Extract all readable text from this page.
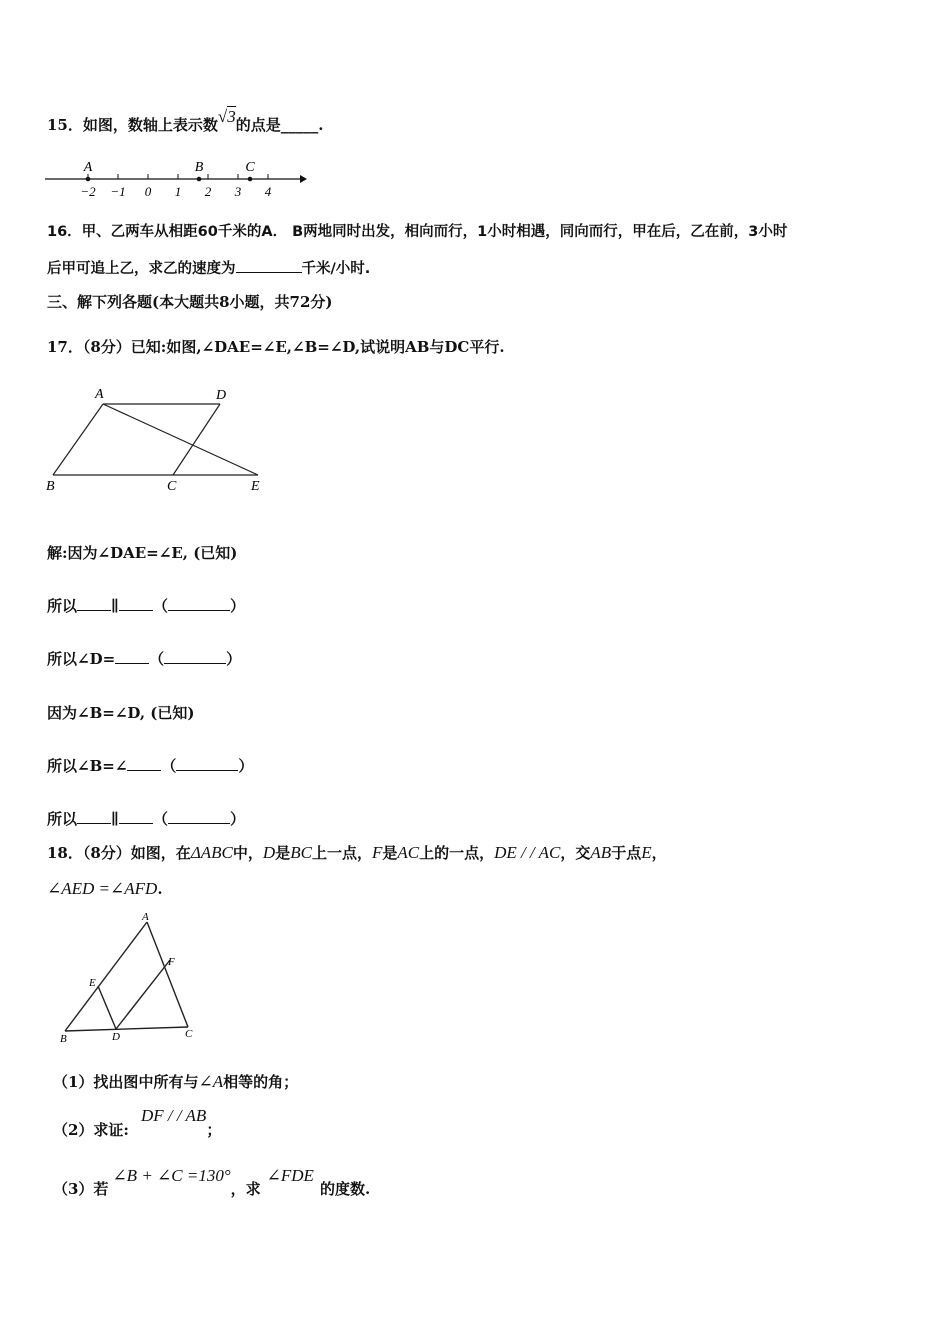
15．如图，数轴上表示数√3的点是_____.
−2 −1 0 1 2 3 4
A	B	C
16．甲、乙两车从相距60千米的A． B两地同时出发，相向而行，1小时相遇，同向而行，甲在后，乙在前，3小时
后甲可追上乙，求乙的速度为	千米/小时.
三、解下列各题(本大题共8小题，共72分)
17．（8分）已知:如图,∠DAE=∠E,∠B=∠D,试说明AB与DC平行.
A	D
B	C	E
解:因为∠DAE=∠E, (已知)
所以 ∥ （	）
所以∠D= （	）
因为∠B=∠D, (已知)
所以∠B=∠ （	）
所以 ∥ （	）
18．（8分）如图，在ΔABC中，D是BC上一点，F是AC上的一点，DE / / AC，交AB于点E，
∠AED =∠AFD.
A
E
F
B	D	C
（1）找出图中所有与∠A相等的角；
（2）求证:DF / / AB；
（3）若∠B + ∠C =130°，求∠FDE的度数.
